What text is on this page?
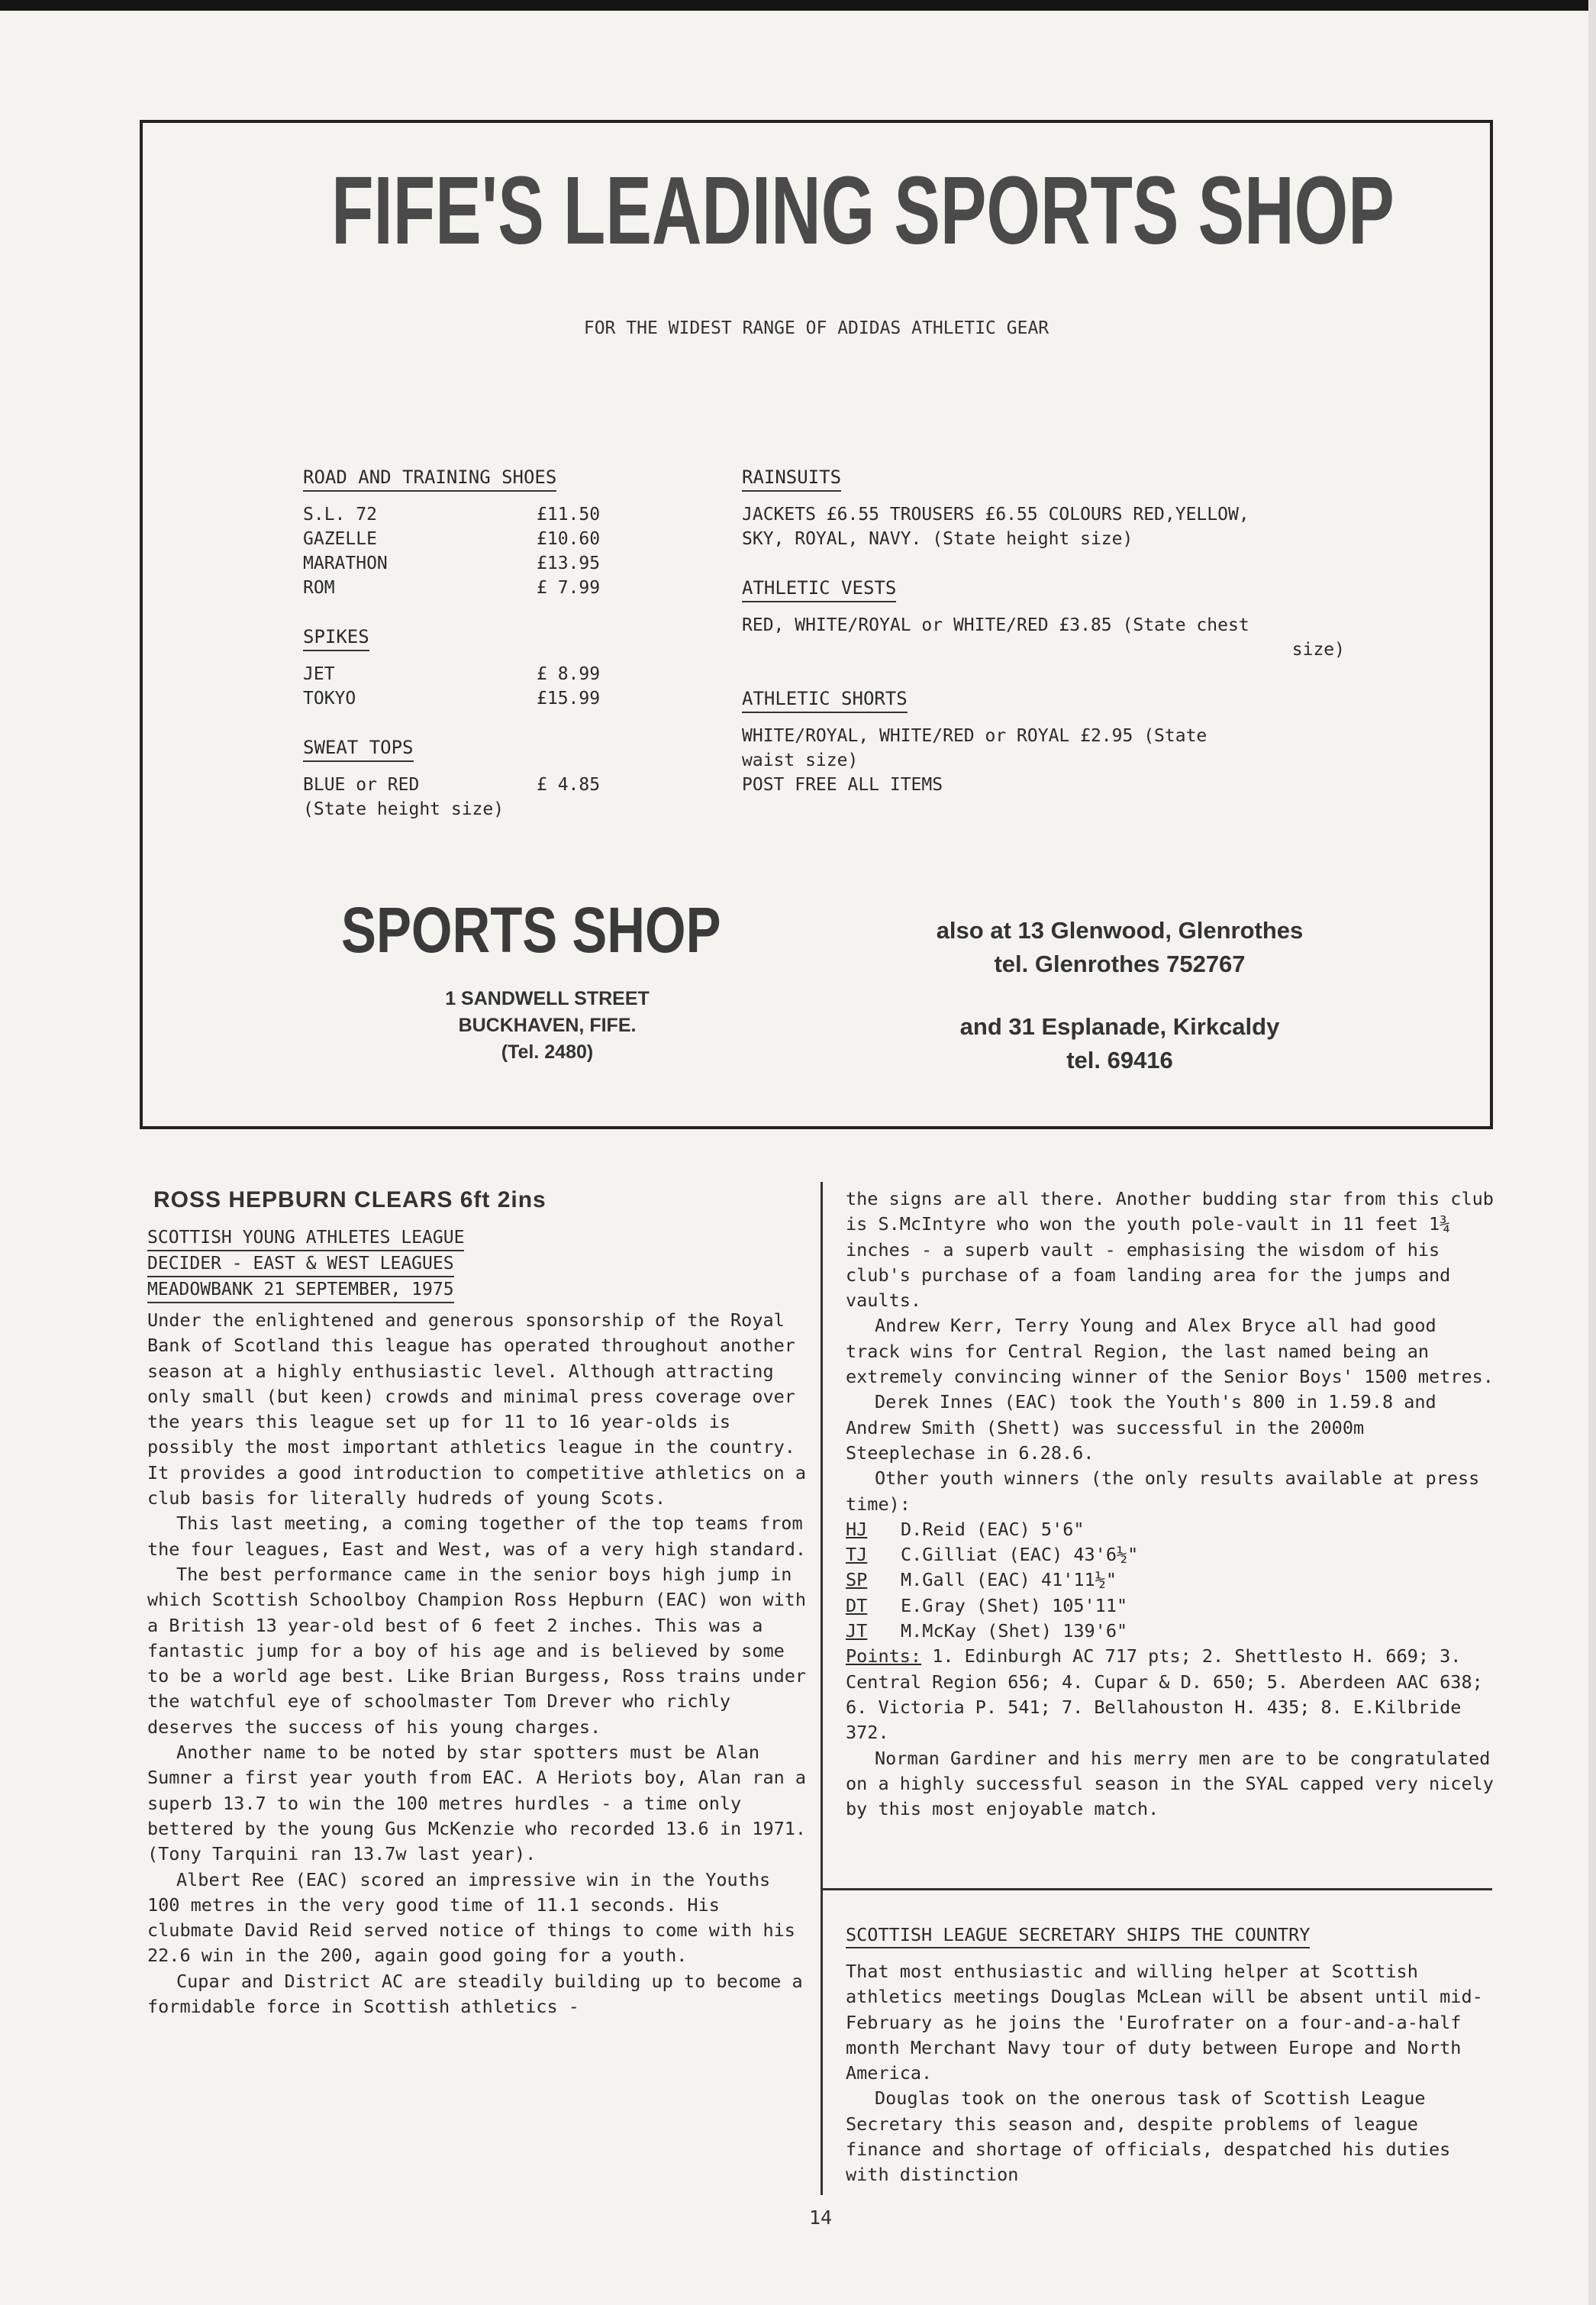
FIFE'S LEADING SPORTS SHOP
FOR THE WIDEST RANGE OF ADIDAS ATHLETIC GEAR
ROAD AND TRAINING SHOES
S.L. 72	£11.50
GAZELLE	£10.60
MARATHON	£13.95
ROM	£ 7.99
SPIKES
JET	£ 8.99
TOKYO	£15.99
SWEAT TOPS
BLUE or RED	£ 4.85
(State height size)
RAINSUITS
JACKETS £6.55 TROUSERS £6.55 COLOURS RED,YELLOW,
SKY, ROYAL, NAVY. (State height size)
ATHLETIC VESTS
RED, WHITE/ROYAL or WHITE/RED £3.85 (State chest
size)
ATHLETIC SHORTS
WHITE/ROYAL, WHITE/RED or ROYAL £2.95 (State
waist size)
POST FREE ALL ITEMS
SPORTS SHOP
1 SANDWELL STREET
BUCKHAVEN, FIFE.
(Tel. 2480)
also at 13 Glenwood, Glenrothes
tel. Glenrothes 752767
and 31 Esplanade, Kirkcaldy
tel. 69416
ROSS HEPBURN CLEARS 6ft 2ins
SCOTTISH YOUNG ATHLETES LEAGUE
DECIDER - EAST & WEST LEAGUES
MEADOWBANK 21 SEPTEMBER, 1975

Under the enlightened and generous sponsorship of the Royal Bank of Scotland this league has operated throughout another season at a highly enthusiastic level. Although attracting only small (but keen) crowds and minimal press coverage over the years this league set up for 11 to 16 year-olds is possibly the most important athletics league in the country. It provides a good introduction to competitive athletics on a club basis for literally hudreds of young Scots.

This last meeting, a coming together of the top teams from the four leagues, East and West, was of a very high standard.

The best performance came in the senior boys high jump in which Scottish Schoolboy Champion Ross Hepburn (EAC) won with a British 13 year-old best of 6 feet 2 inches. This was a fantastic jump for a boy of his age and is believed by some to be a world age best. Like Brian Burgess, Ross trains under the watchful eye of schoolmaster Tom Drever who richly deserves the success of his young charges.

Another name to be noted by star spotters must be Alan Sumner a first year youth from EAC. A Heriots boy, Alan ran a superb 13.7 to win the 100 metres hurdles - a time only bettered by the young Gus McKenzie who recorded 13.6 in 1971. (Tony Tarquini ran 13.7w last year).

Albert Ree (EAC) scored an impressive win in the Youths 100 metres in the very good time of 11.1 seconds. His clubmate David Reid served notice of things to come with his 22.6 win in the 200, again good going for a youth.

Cupar and District AC are steadily building up to become a formidable force in Scottish athletics -

the signs are all there. Another budding star from this club is S.McIntyre who won the youth pole-vault in 11 feet 1¾ inches - a superb vault - emphasising the wisdom of his club's purchase of a foam landing area for the jumps and vaults.

Andrew Kerr, Terry Young and Alex Bryce all had good track wins for Central Region, the last named being an extremely convincing winner of the Senior Boys' 1500 metres.

Derek Innes (EAC) took the Youth's 800 in 1.59.8 and Andrew Smith (Shett) was successful in the 2000m Steeplechase in 6.28.6.

Other youth winners (the only results available at press time):

HJ	D.Reid (EAC) 5'6"
TJ	C.Gilliat (EAC) 43'6½"
SP	M.Gall (EAC) 41'11½"
DT	E.Gray (Shet) 105'11"
JT	M.McKay (Shet) 139'6"

Points: 1. Edinburgh AC 717 pts; 2. Shettlesto H. 669; 3. Central Region 656; 4. Cupar & D. 650; 5. Aberdeen AAC 638; 6. Victoria P. 541; 7. Bellahouston H. 435; 8. E.Kilbride 372.

Norman Gardiner and his merry men are to be congratulated on a highly successful season in the SYAL capped very nicely by this most enjoyable match.

SCOTTISH LEAGUE SECRETARY SHIPS THE COUNTRY

That most enthusiastic and willing helper at Scottish athletics meetings Douglas McLean will be absent until mid-February as he joins the 'Eurofrater on a four-and-a-half month Merchant Navy tour of duty between Europe and North America.

Douglas took on the onerous task of Scottish League Secretary this season and, despite problems of league finance and shortage of officials, despatched his duties with distinction

14
